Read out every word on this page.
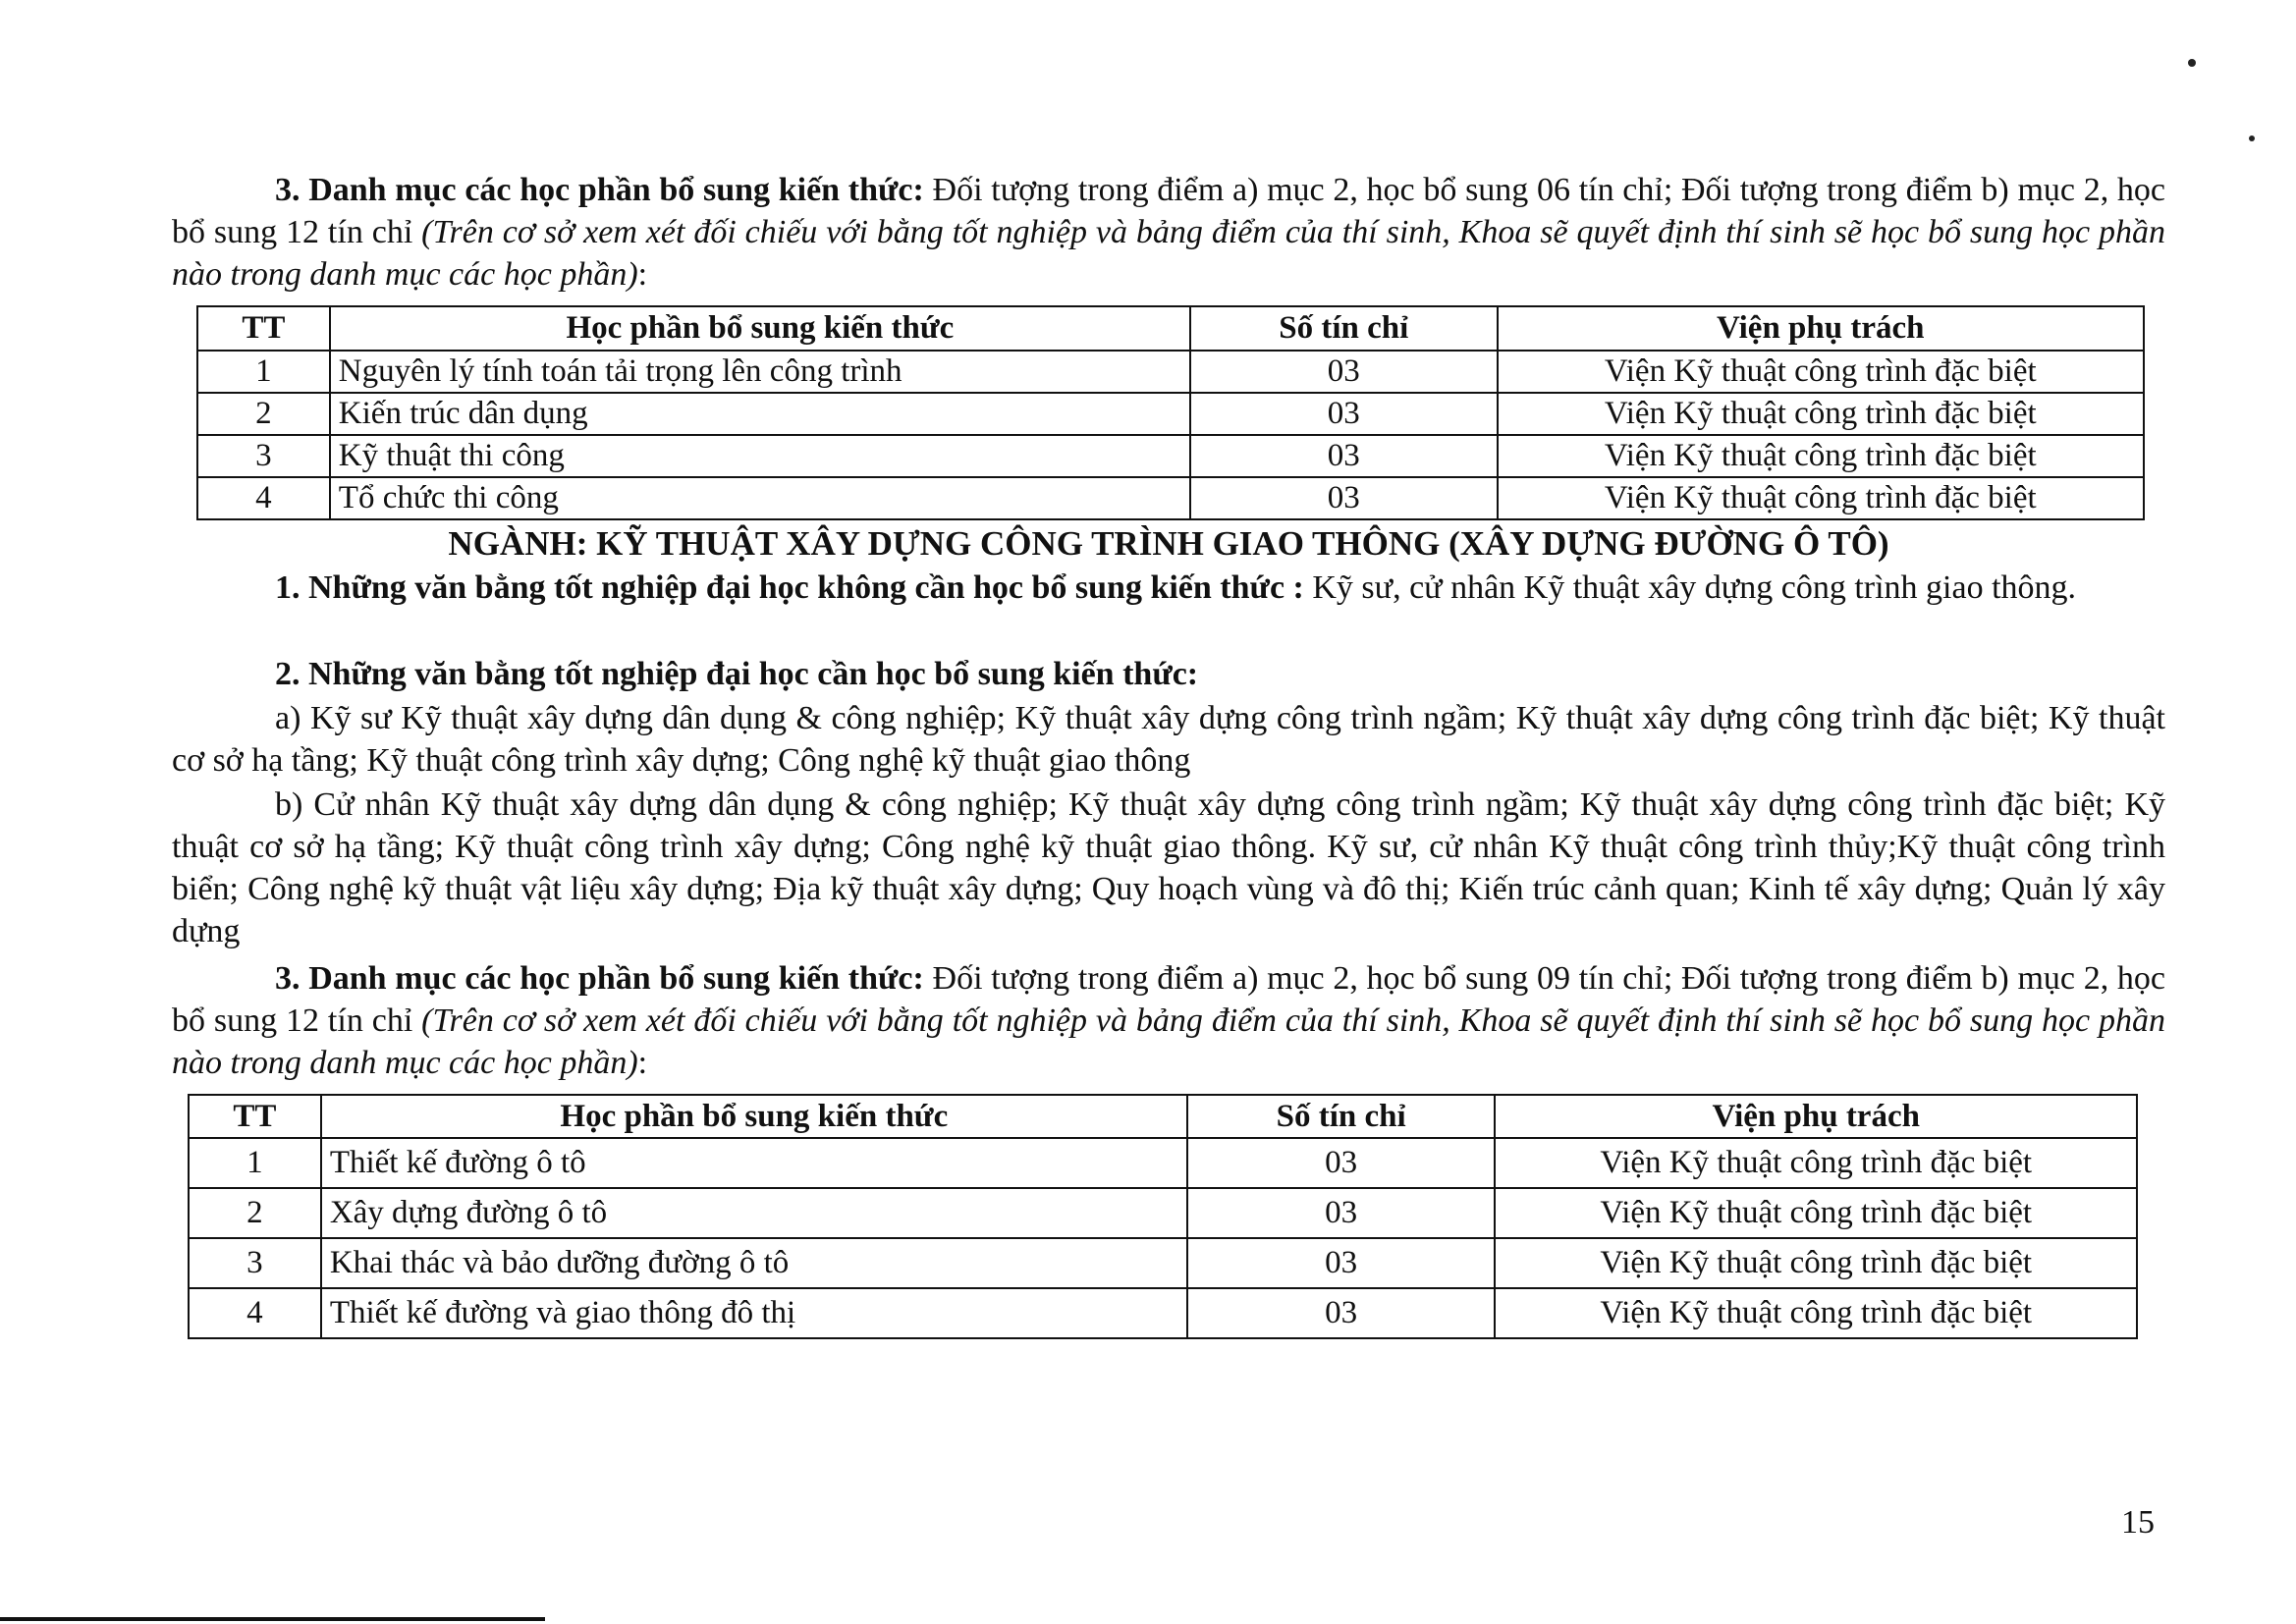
3. Danh mục các học phần bổ sung kiến thức: Đối tượng trong điểm a) mục 2, học bổ sung 06 tín chỉ; Đối tượng trong điểm b) mục 2, học bổ sung 12 tín chỉ (Trên cơ sở xem xét đối chiếu với bằng tốt nghiệp và bảng điểm của thí sinh, Khoa sẽ quyết định thí sinh sẽ học bổ sung học phần nào trong danh mục các học phần):

TT	Học phần bổ sung kiến thức	Số tín chỉ	Viện phụ trách
1	Nguyên lý tính toán tải trọng lên công trình	03	Viện Kỹ thuật công trình đặc biệt
2	Kiến trúc dân dụng	03	Viện Kỹ thuật công trình đặc biệt
3	Kỹ thuật thi công	03	Viện Kỹ thuật công trình đặc biệt
4	Tổ chức thi công	03	Viện Kỹ thuật công trình đặc biệt

NGÀNH: KỸ THUẬT XÂY DỰNG CÔNG TRÌNH GIAO THÔNG (XÂY DỰNG ĐƯỜNG Ô TÔ)

1. Những văn bằng tốt nghiệp đại học không cần học bổ sung kiến thức : Kỹ sư, cử nhân Kỹ thuật xây dựng công trình giao thông.

2. Những văn bằng tốt nghiệp đại học cần học bổ sung kiến thức:

a) Kỹ sư Kỹ thuật xây dựng dân dụng & công nghiệp; Kỹ thuật xây dựng công trình ngầm; Kỹ thuật xây dựng công trình đặc biệt; Kỹ thuật cơ sở hạ tầng; Kỹ thuật công trình xây dựng; Công nghệ kỹ thuật giao thông

b) Cử nhân Kỹ thuật xây dựng dân dụng & công nghiệp; Kỹ thuật xây dựng công trình ngầm; Kỹ thuật xây dựng công trình đặc biệt; Kỹ thuật cơ sở hạ tầng; Kỹ thuật công trình xây dựng; Công nghệ kỹ thuật giao thông. Kỹ sư, cử nhân Kỹ thuật công trình thủy;Kỹ thuật công trình biển; Công nghệ kỹ thuật vật liệu xây dựng; Địa kỹ thuật xây dựng; Quy hoạch vùng và đô thị; Kiến trúc cảnh quan; Kinh tế xây dựng; Quản lý xây dựng

3. Danh mục các học phần bổ sung kiến thức: Đối tượng trong điểm a) mục 2, học bổ sung 09 tín chỉ; Đối tượng trong điểm b) mục 2, học bổ sung 12 tín chỉ (Trên cơ sở xem xét đối chiếu với bằng tốt nghiệp và bảng điểm của thí sinh, Khoa sẽ quyết định thí sinh sẽ học bổ sung học phần nào trong danh mục các học phần):

TT	Học phần bổ sung kiến thức	Số tín chỉ	Viện phụ trách
1	Thiết kế đường ô tô	03	Viện Kỹ thuật công trình đặc biệt
2	Xây dựng đường ô tô	03	Viện Kỹ thuật công trình đặc biệt
3	Khai thác và bảo dưỡng đường ô tô	03	Viện Kỹ thuật công trình đặc biệt
4	Thiết kế đường và giao thông đô thị	03	Viện Kỹ thuật công trình đặc biệt
15
